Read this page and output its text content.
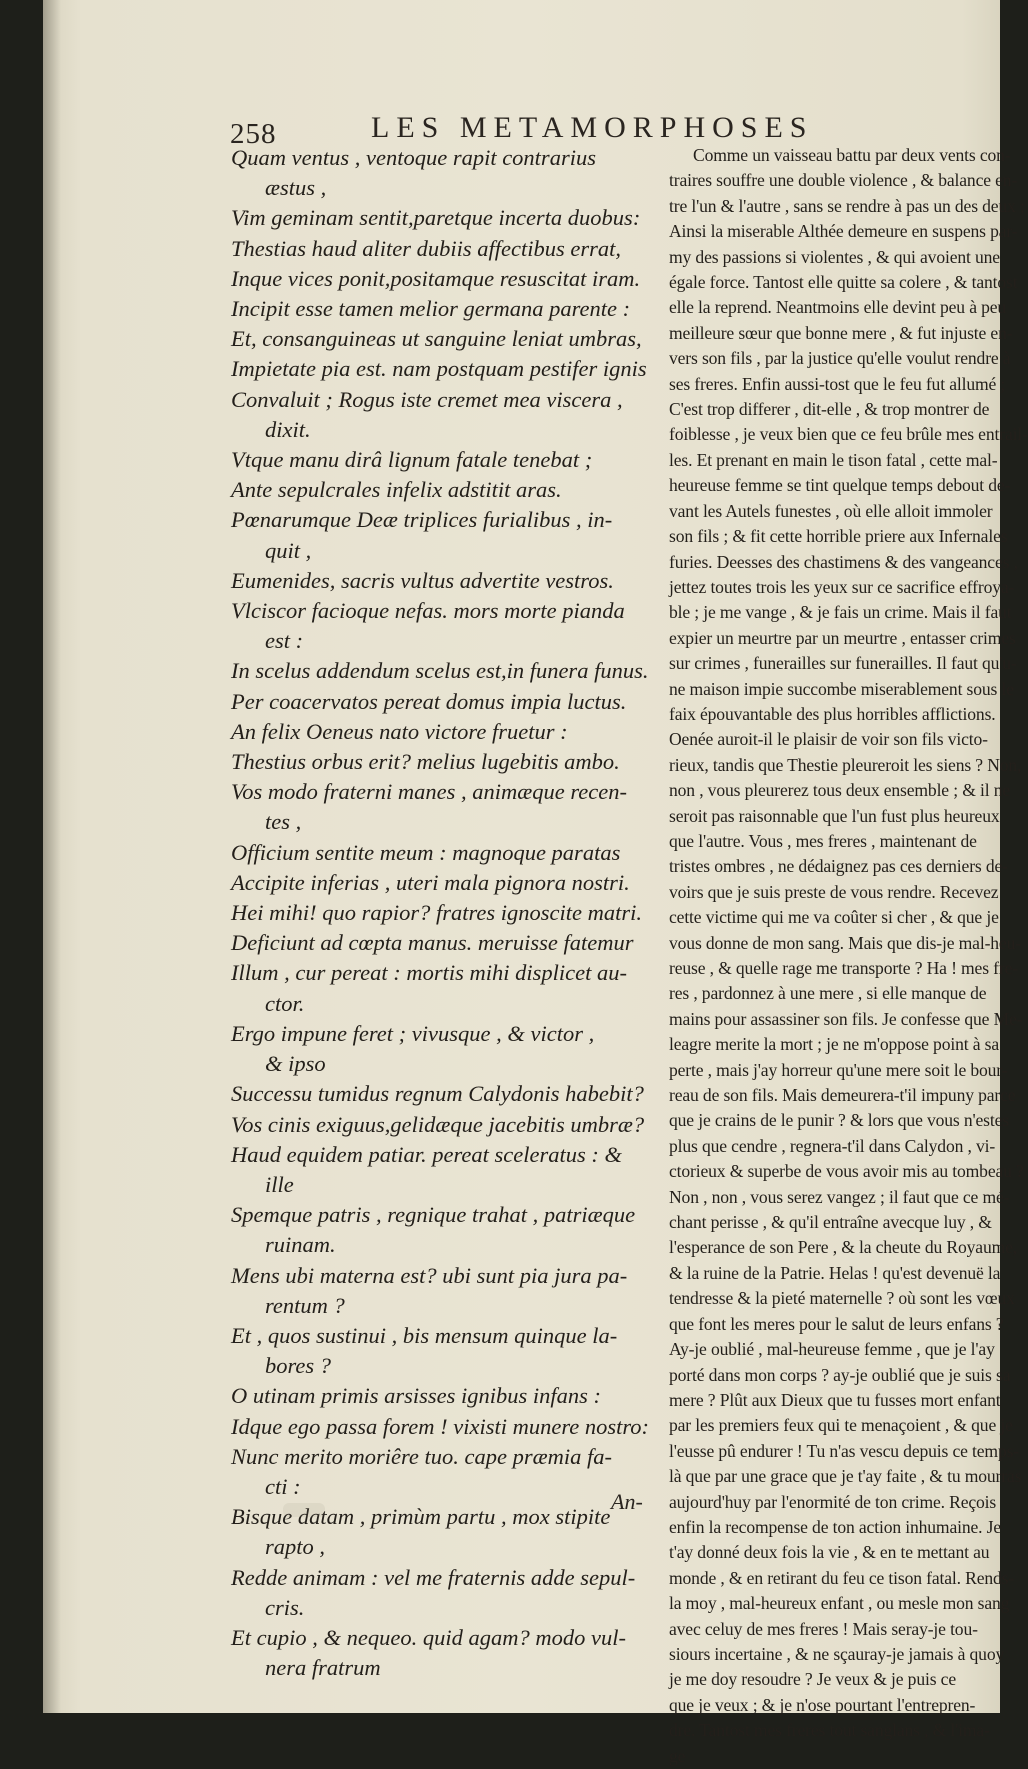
258	LES METAMORPHOSES
Quam ventus , ventoque rapit contrarius
æstus ,
Vim geminam sentit,paretque incerta duobus:
Thestias haud aliter dubiis affectibus errat,
Inque vices ponit,positamque resuscitat iram.
Incipit esse tamen melior germana parente :
Et, consanguineas ut sanguine leniat umbras,
Impietate pia est. nam postquam pestifer ignis
Convaluit ; Rogus iste cremet mea viscera ,
dixit.
Vtque manu dirâ lignum fatale tenebat ;
Ante sepulcrales infelix adstitit aras.
Pœnarumque Deæ triplices furialibus , in-
quit ,
Eumenides, sacris vultus advertite vestros.
Vlciscor facioque nefas. mors morte pianda
est :
In scelus addendum scelus est,in funera funus.
Per coacervatos pereat domus impia luctus.
An felix Oeneus nato victore fruetur :
Thestius orbus erit? melius lugebitis ambo.
Vos modo fraterni manes , animæque recen-
tes ,
Officium sentite meum : magnoque paratas
Accipite inferias , uteri mala pignora nostri.
Hei mihi! quo rapior? fratres ignoscite matri.
Deficiunt ad cœpta manus. meruisse fatemur
Illum , cur pereat : mortis mihi displicet au-
ctor.
Ergo impune feret ; vivusque , & victor ,
& ipso
Successu tumidus regnum Calydonis habebit?
Vos cinis exiguus,gelidæque jacebitis umbræ?
Haud equidem patiar. pereat sceleratus : &
ille
Spemque patris , regnique trahat , patriæque
ruinam.
Mens ubi materna est? ubi sunt pia jura pa-
rentum ?
Et , quos sustinui , bis mensum quinque la-
bores ?
O utinam primis arsisses ignibus infans :
Idque ego passa forem ! vixisti munere nostro:
Nunc merito moriêre tuo. cape præmia fa-
cti :
Bisque datam , primùm partu , mox stipite
rapto ,
Redde animam : vel me fraternis adde sepul-
cris.
Et cupio , & nequeo. quid agam? modo vul-
nera fratrum
An-
Comme un vaisseau battu par deux vents con-
traires souffre une double violence , & balance en-
tre l'un & l'autre , sans se rendre à pas un des deux ;
Ainsi la miserable Althée demeure en suspens par-
my des passions si violentes , & qui avoient une
égale force. Tantost elle quitte sa colere , & tantost
elle la reprend. Neantmoins elle devint peu à peu
meilleure sœur que bonne mere , & fut injuste en-
vers son fils , par la justice qu'elle voulut rendre à
ses freres. Enfin aussi-tost que le feu fut allumé ;
C'est trop differer , dit-elle , & trop montrer de
foiblesse , je veux bien que ce feu brûle mes entrail-
les. Et prenant en main le tison fatal , cette mal-
heureuse femme se tint quelque temps debout de-
vant les Autels funestes , où elle alloit immoler
son fils ; & fit cette horrible priere aux Infernales
furies. Deesses des chastimens & des vangeances ,
jettez toutes trois les yeux sur ce sacrifice effroya-
ble ; je me vange , & je fais un crime. Mais il faut
expier un meurtre par un meurtre , entasser crimes
sur crimes , funerailles sur funerailles. Il faut qu'u-
ne maison impie succombe miserablement sous le
faix épouvantable des plus horribles afflictions.
Oenée auroit-il le plaisir de voir son fils victo-
rieux, tandis que Thestie pleureroit les siens ? Non,
non , vous pleurerez tous deux ensemble ; & il ne
seroit pas raisonnable que l'un fust plus heureux
que l'autre. Vous , mes freres , maintenant de
tristes ombres , ne dédaignez pas ces derniers de-
voirs que je suis preste de vous rendre. Recevez
cette victime qui me va coûter si cher , & que je
vous donne de mon sang. Mais que dis-je mal-heu-
reuse , & quelle rage me transporte ? Ha ! mes fre-
res , pardonnez à une mere , si elle manque de
mains pour assassiner son fils. Je confesse que Me-
leagre merite la mort ; je ne m'oppose point à sa
perte , mais j'ay horreur qu'une mere soit le bour-
reau de son fils. Mais demeurera-t'il impuny parce
que je crains de le punir ? & lors que vous n'estes
plus que cendre , regnera-t'il dans Calydon , vi-
ctorieux & superbe de vous avoir mis au tombeau ?
Non , non , vous serez vangez ; il faut que ce mé-
chant perisse , & qu'il entraîne avecque luy , &
l'esperance de son Pere , & la cheute du Royaume,
& la ruine de la Patrie. Helas ! qu'est devenuë la
tendresse & la pieté maternelle ? où sont les vœux
que font les meres pour le salut de leurs enfans ?
Ay-je oublié , mal-heureuse femme , que je l'ay
porté dans mon corps ? ay-je oublié que je suis sa
mere ? Plût aux Dieux que tu fusses mort enfant
par les premiers feux qui te menaçoient , & que je
l'eusse pû endurer ! Tu n'as vescu depuis ce temps-
là que par une grace que je t'ay faite , & tu mourras
aujourd'huy par l'enormité de ton crime. Reçois
enfin la recompense de ton action inhumaine. Je
t'ay donné deux fois la vie , & en te mettant au
monde , & en retirant du feu ce tison fatal. Rends-
la moy , mal-heureux enfant , ou mesle mon sang
avec celuy de mes freres ! Mais seray-je tou-
siours incertaine , & ne sçauray-je jamais à quoy
je me doy resoudre ? Je veux & je puis ce
que je veux ; & je n'ose pourtant l'entrepren-
dre. Tantost mes freres tout sanglans , & l'ima-
ge
